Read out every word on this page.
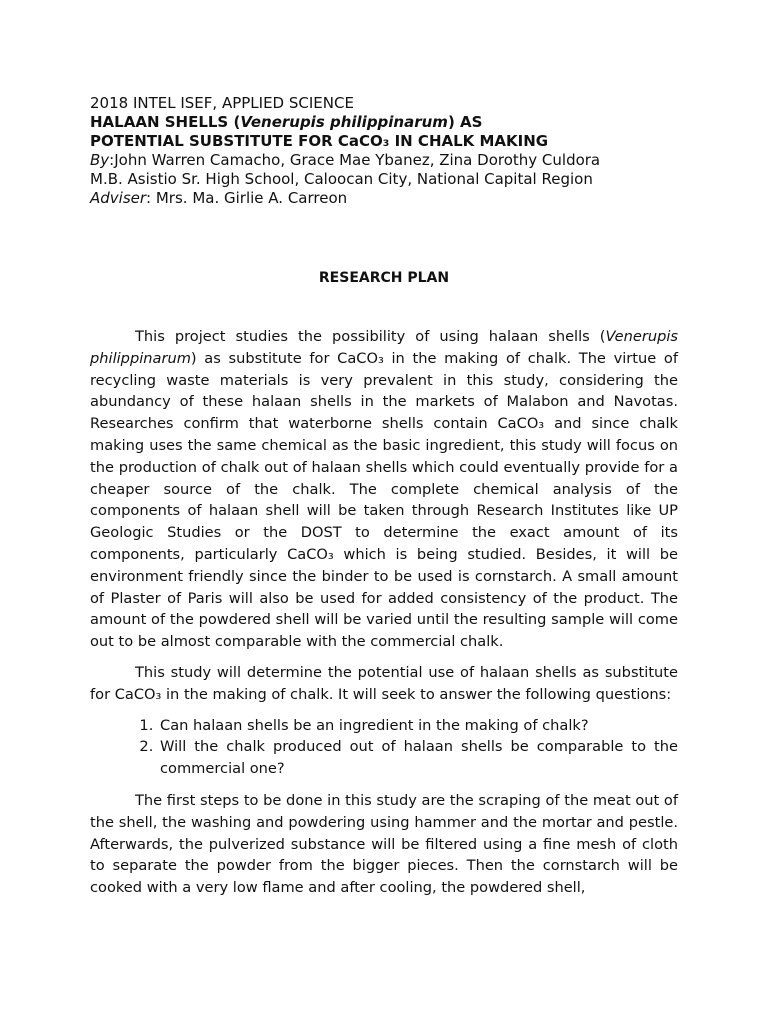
2018 INTEL ISEF, APPLIED SCIENCE
HALAAN SHELLS (Venerupis philippinarum) AS
POTENTIAL SUBSTITUTE FOR CaCO₃ IN CHALK MAKING
By:John Warren Camacho, Grace Mae Ybanez, Zina Dorothy Culdora
M.B. Asistio Sr. High School, Caloocan City, National Capital Region
Adviser: Mrs. Ma. Girlie A. Carreon
RESEARCH PLAN

This project studies the possibility of using halaan shells (Venerupis philippinarum) as substitute for CaCO₃ in the making of chalk. The virtue of recycling waste materials is very prevalent in this study, considering the abundancy of these halaan shells in the markets of Malabon and Navotas. Researches confirm that waterborne shells contain CaCO₃ and since chalk making uses the same chemical as the basic ingredient, this study will focus on the production of chalk out of halaan shells which could eventually provide for a cheaper source of the chalk. The complete chemical analysis of the components of halaan shell will be taken through Research Institutes like UP Geologic Studies or the DOST to determine the exact amount of its components, particularly CaCO₃ which is being studied. Besides, it will be environment friendly since the binder to be used is cornstarch. A small amount of Plaster of Paris will also be used for added consistency of the product. The amount of the powdered shell will be varied until the resulting sample will come out to be almost comparable with the commercial chalk.

This study will determine the potential use of halaan shells as substitute for CaCO₃ in the making of chalk. It will seek to answer the following questions:

1. Can halaan shells be an ingredient in the making of chalk?
2. Will the chalk produced out of halaan shells be comparable to the commercial one?

The first steps to be done in this study are the scraping of the meat out of the shell, the washing and powdering using hammer and the mortar and pestle. Afterwards, the pulverized substance will be filtered using a fine mesh of cloth to separate the powder from the bigger pieces. Then the cornstarch will be cooked with a very low flame and after cooling, the powdered shell,
